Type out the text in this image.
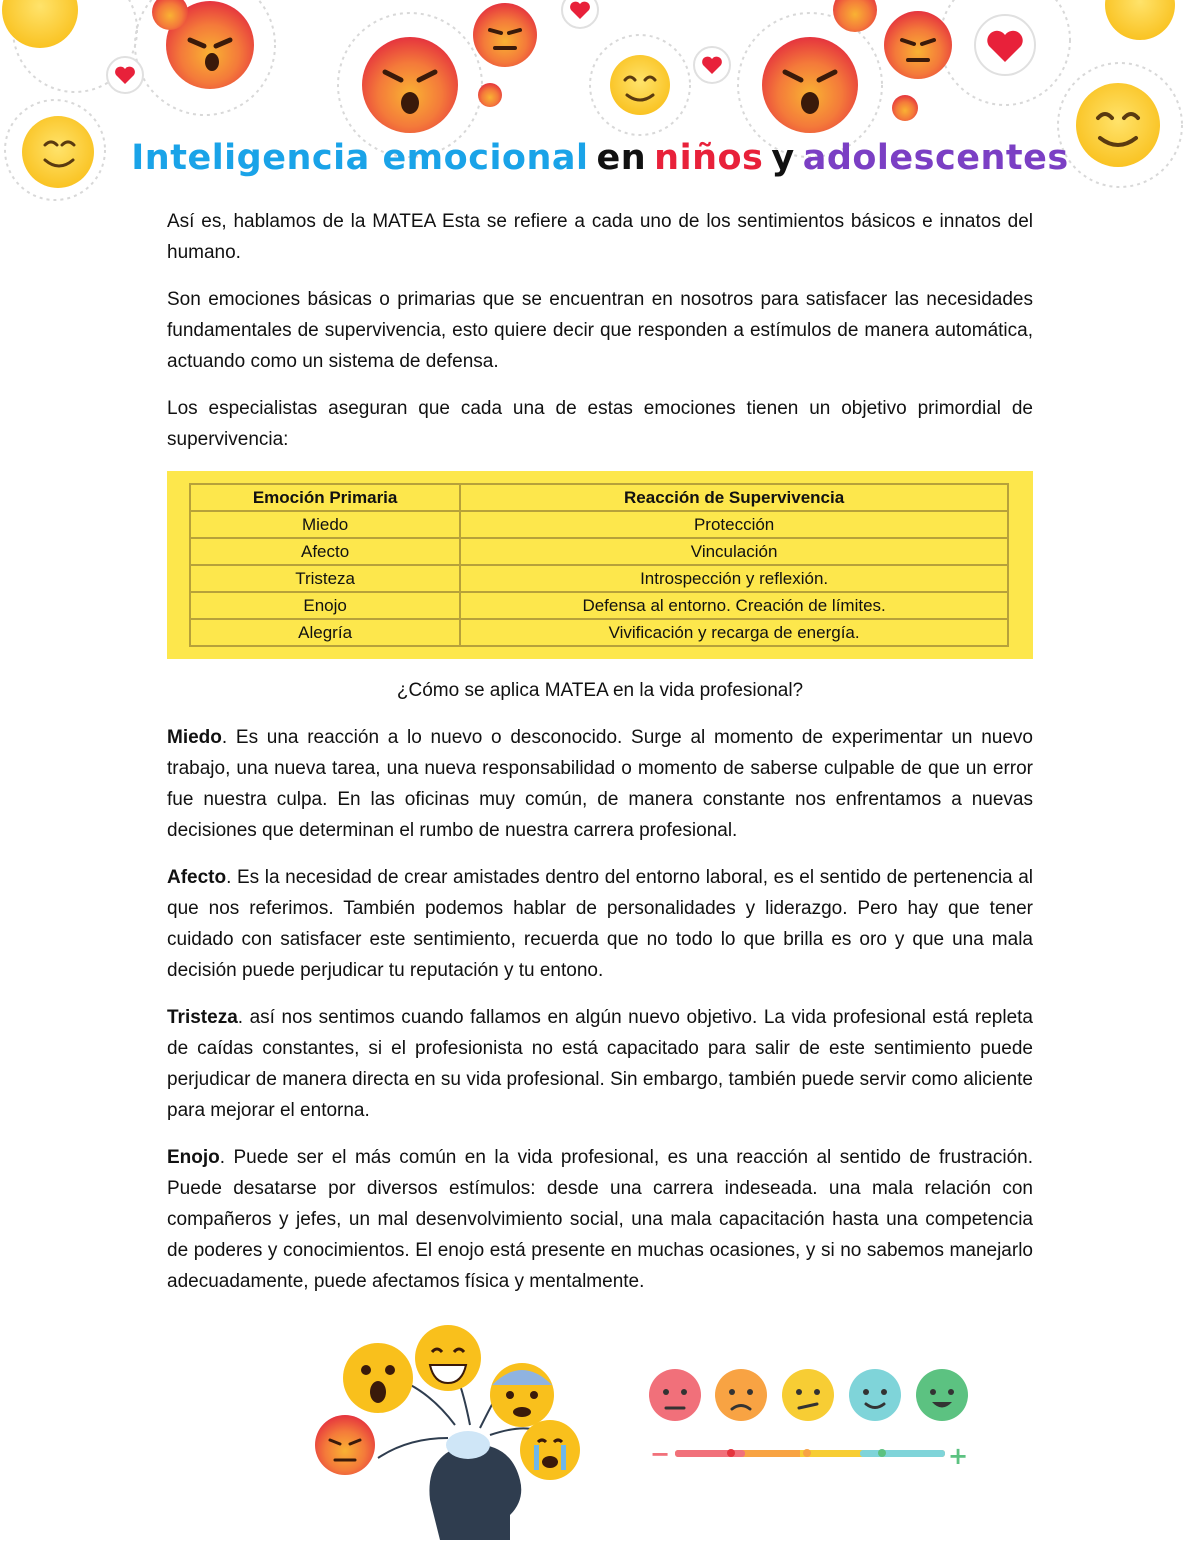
Inteligencia emocional en niños y adolescentes

Así es, hablamos de la MATEA Esta se refiere a cada uno de los sentimientos básicos e innatos del humano.

Son emociones básicas o primarias que se encuentran en nosotros para satisfacer las necesidades fundamentales de supervivencia, esto quiere decir que responden a estímulos de manera automática, actuando como un sistema de defensa.

Los especialistas aseguran que cada una de estas emociones tienen un objetivo primordial de supervivencia:

Emoción Primaria	Reacción de Supervivencia
Miedo	Protección
Afecto	Vinculación
Tristeza	Introspección y reflexión.
Enojo	Defensa al entorno. Creación de límites.
Alegría	Vivificación y recarga de energía.

¿Cómo se aplica MATEA en la vida profesional?

Miedo. Es una reacción a lo nuevo o desconocido. Surge al momento de experimentar un nuevo trabajo, una nueva tarea, una nueva responsabilidad o momento de saberse culpable de que un error fue nuestra culpa. En las oficinas muy común, de manera constante nos enfrentamos a nuevas decisiones que determinan el rumbo de nuestra carrera profesional.

Afecto. Es la necesidad de crear amistades dentro del entorno laboral, es el sentido de pertenencia al que nos referimos. También podemos hablar de personalidades y liderazgo. Pero hay que tener cuidado con satisfacer este sentimiento, recuerda que no todo lo que brilla es oro y que una mala decisión puede perjudicar tu reputación y tu entono.

Tristeza. así nos sentimos cuando fallamos en algún nuevo objetivo. La vida profesional está repleta de caídas constantes, si el profesionista no está capacitado para salir de este sentimiento puede perjudicar de manera directa en su vida profesional. Sin embargo, también puede servir como aliciente para mejorar el entorna.

Enojo. Puede ser el más común en la vida profesional, es una reacción al sentido de frustración. Puede desatarse por diversos estímulos: desde una carrera indeseada. una mala relación con compañeros y jefes, un mal desenvolvimiento social, una mala capacitación hasta una competencia de poderes y conocimientos. El enojo está presente en muchas ocasiones, y si no sabemos manejarlo adecuadamente, puede afectamos física y mentalmente.

−	+
